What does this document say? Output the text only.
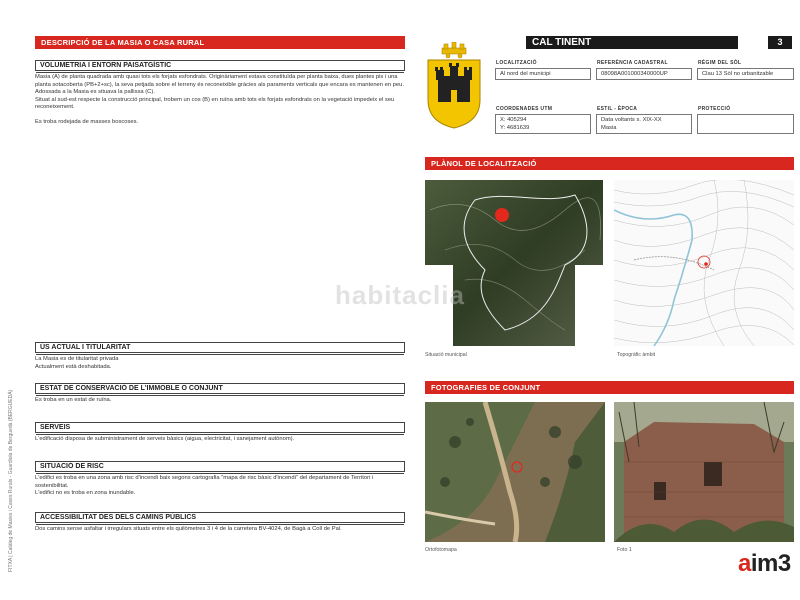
DESCRIPCIÓ DE LA MASIA O CASA RURAL
VOLUMETRIA I ENTORN PAISATGÍSTIC
Masia (A) de planta quadrada amb quasi tots els forjats esfondrats. Originàriament estava constituïda per planta baixa, dues plantes pis i una planta sotacoberta (PB+2+sc), la seva petjada sobre el terreny és reconeixible gràcies als paraments verticals que encara es mantenen en peu. Adossada a la Masia es situava la pallissa (C).
Situat al sud-est respecte la construcció principal, trobem un cos (B) en ruïna amb tots els forjats esfondrats on la vegetació impedeix el seu reconeixement.
Es troba rodejada de masses boscoses.
ÚS ACTUAL I TITULARITAT
La Masia es de titularitat privada
Actualment està deshabitada.
ESTAT DE CONSERVACIÓ DE L'IMMOBLE O CONJUNT
Es troba en un estat de ruïna.
SERVEIS
L'edificació disposa de subministrament de serveis bàsics (aigua, electricitat, i sanejament autònom).
SITUACIÓ DE RISC
L'edifici es troba en una zona amb risc d'incendi baix segons cartografia "mapa de risc bàsic d'incendi" del departament de Territori i sostenibilitat.
L'edifici no es troba en zona inundable.
ACCESSIBILITAT DES DELS CAMINS PÚBLICS
Dos camins sense asfaltar i irregulars situats entre els quilòmetres 3 i 4 de la carretera BV-4024, de Bagà a Coll de Pal.
FITXA | Catàleg de Masies i Cases Rurals - Guardiola de Berguedà (BERGUEDÀ)
CAL TINENT	3
LOCALITZACIÓ
Al nord del municipi
REFERÈNCIA CADASTRAL
08098A001000340000UP
RÈGIM DEL SÒL
Clau 13 Sòl no urbanitzable
COORDENADES UTM
X: 405294
Y: 4681639
ESTIL - ÈPOCA
Data voltants s. XIX-XX
Masia
PROTECCIÓ
PLÀNOL DE LOCALITZACIÓ
Situació municipal	Topogràfic àmbit
habitaclia
FOTOGRAFIES DE CONJUNT
Ortofotomapa	Foto 1	aim3
